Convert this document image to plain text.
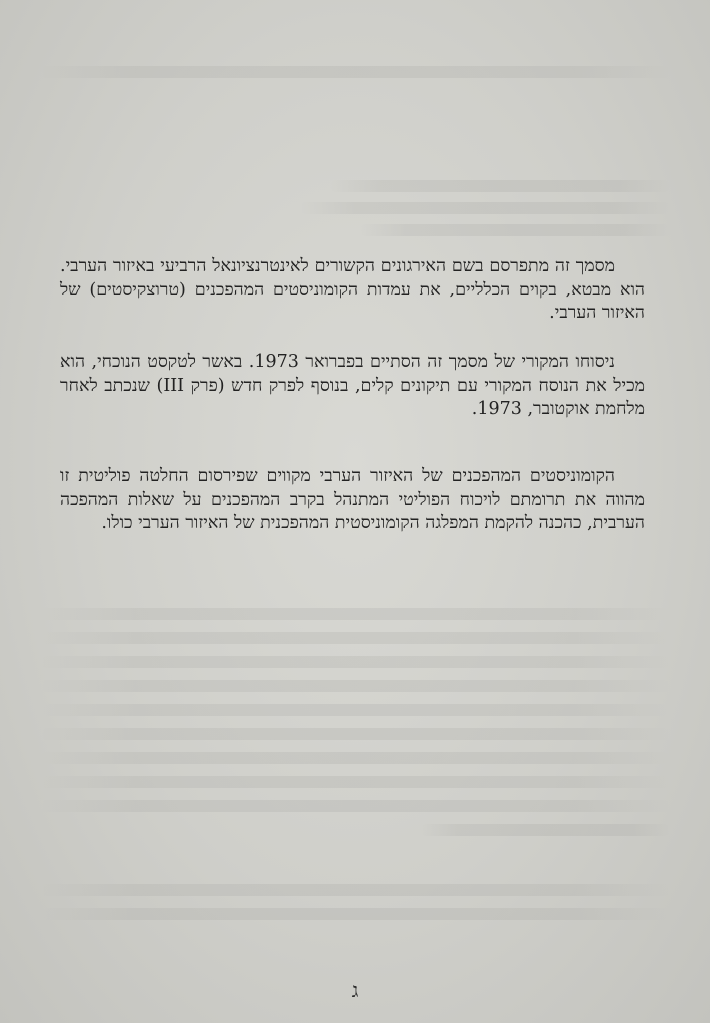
מסמך זה מתפרסם בשם האירגונים הקשורים לאינטרנציונאל הרביעי באיזור הערבי. הוא מבטא, בקוים הכלליים, את עמדות הקומוניסטים המהפכנים (טרוצקיסטים) של האיזור הערבי.

ניסוחו המקורי של מסמך זה הסתיים בפברואר 1973. באשר לטקסט הנוכחי, הוא מכיל את הנוסח המקורי עם תיקונים קלים, בנוסף לפרק חדש (פרק III) שנכתב לאחר מלחמת אוקטובר, 1973.

הקומוניסטים המהפכנים של האיזור הערבי מקווים שפירסום החלטה פוליטית זו מהווה את תרומתם לויכוח הפוליטי המתנהל בקרב המהפכנים על שאלות המהפכה הערבית, כהכנה להקמת המפלגה הקומוניסטית המהפכנית של האיזור הערבי כולו.

ג
